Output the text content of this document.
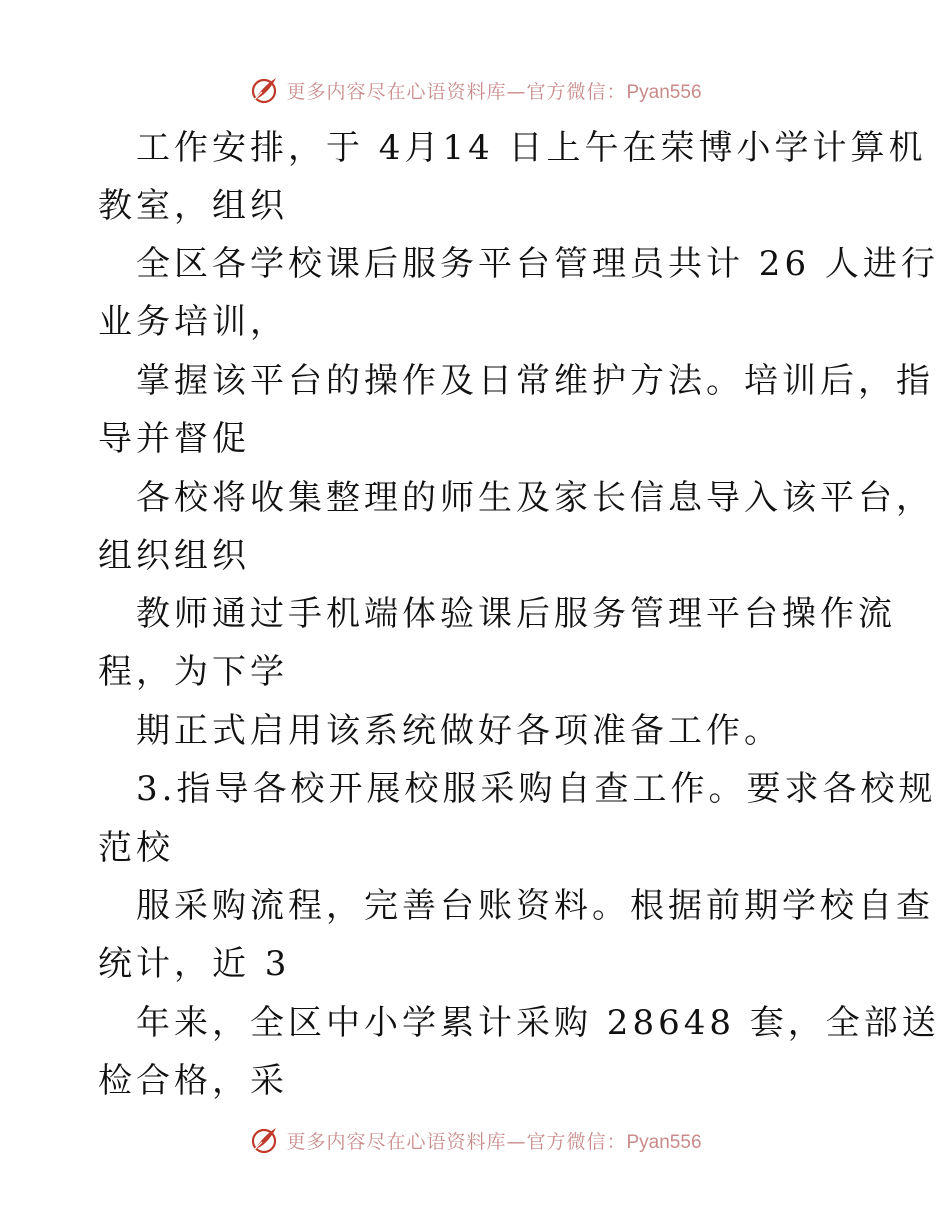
更多内容尽在心语资料库—官方微信：Pyan556
工作安排，于 4月14 日上午在荣博小学计算机
教室，组织
全区各学校课后服务平台管理员共计 26 人进行
业务培训，
掌握该平台的操作及日常维护方法。培训后，指
导并督促
各校将收集整理的师生及家长信息导入该平台，
组织组织
教师通过手机端体验课后服务管理平台操作流
程，为下学
期正式启用该系统做好各项准备工作。
3.指导各校开展校服采购自查工作。要求各校规
范校
服采购流程，完善台账资料。根据前期学校自查
统计，近 3
年来，全区中小学累计采购 28648 套，全部送
检合格，采
更多内容尽在心语资料库—官方微信：Pyan556
